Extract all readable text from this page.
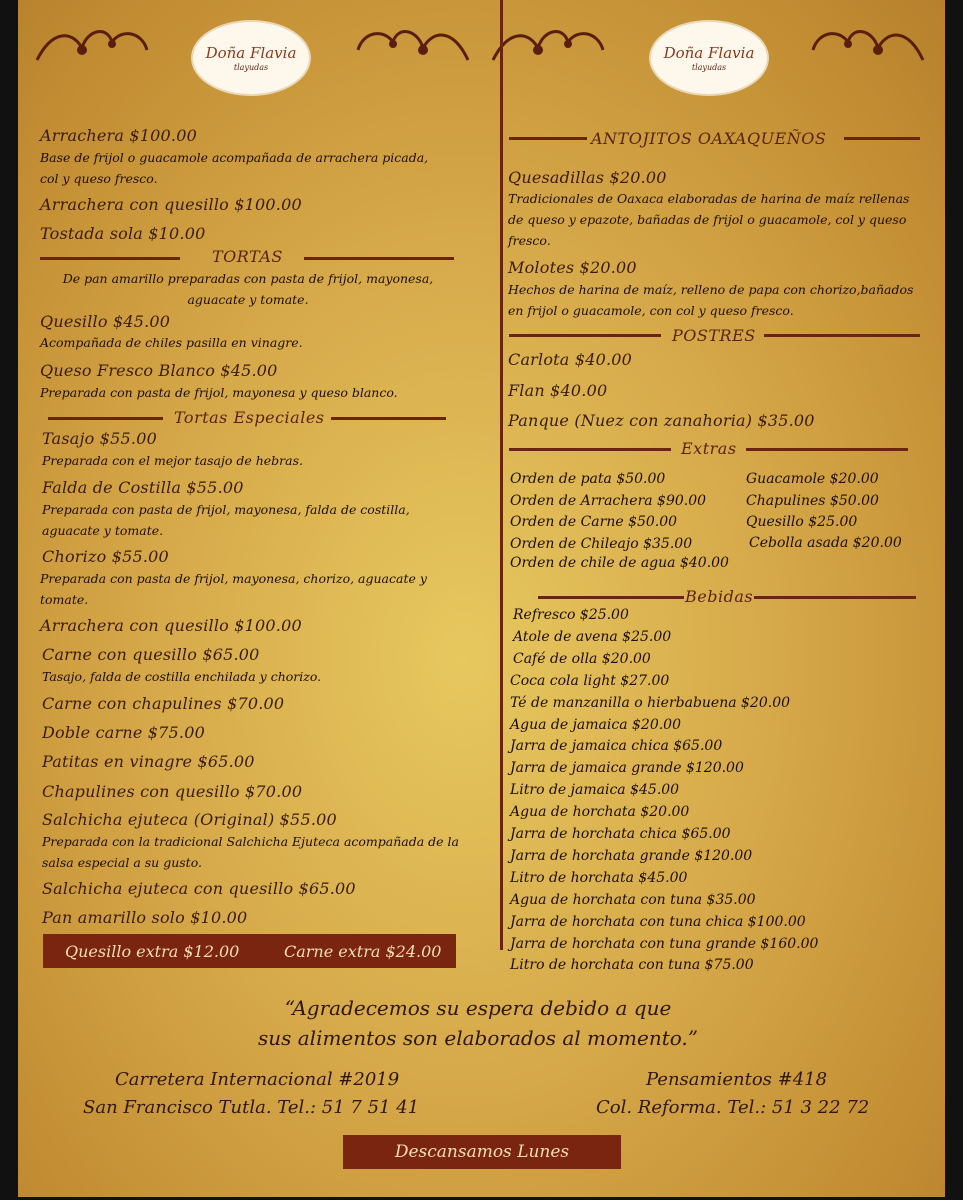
Doña Flavia
tlayudas
Doña Flavia
tlayudas
Arrachera $100.00
Base de frijol o guacamole acompañada de arrachera picada, col y queso fresco.
Arrachera con quesillo $100.00
Tostada sola $10.00
TORTAS
De pan amarillo preparadas con pasta de frijol, mayonesa, aguacate y tomate.
Quesillo $45.00
Acompañada de chiles pasilla en vinagre.
Queso Fresco Blanco $45.00
Preparada con pasta de frijol, mayonesa y queso blanco.
Tortas Especiales
Tasajo $55.00
Preparada con el mejor tasajo de hebras.
Falda de Costilla $55.00
Preparada con pasta de frijol, mayonesa, falda de costilla, aguacate y tomate.
Chorizo $55.00
Preparada con pasta de frijol, mayonesa, chorizo, aguacate y tomate.
Arrachera con quesillo $100.00
Carne con quesillo $65.00
Tasajo, falda de costilla enchilada y chorizo.
Carne con chapulines $70.00
Doble carne $75.00
Patitas en vinagre $65.00
Chapulines con quesillo $70.00
Salchicha ejuteca (Original) $55.00
Preparada con la tradicional Salchicha Ejuteca acompañada de la salsa especial a su gusto.
Salchicha ejuteca con quesillo $65.00
Pan amarillo solo $10.00
Quesillo extra $12.00	Carne extra $24.00
ANTOJITOS OAXAQUEÑOS
Quesadillas $20.00
Tradicionales de Oaxaca elaboradas de harina de maíz rellenas de queso y epazote, bañadas de frijol o guacamole, col y queso fresco.
Molotes $20.00
Hechos de harina de maíz, relleno de papa con chorizo,bañados en frijol o guacamole, con col y queso fresco.
POSTRES
Carlota $40.00
Flan $40.00
Panque (Nuez con zanahoria) $35.00
Extras
Orden de pata $50.00
Orden de Arrachera $90.00
Orden de Carne $50.00
Orden de Chileajo $35.00
Orden de chile de agua $40.00
Guacamole $20.00
Chapulines $50.00
Quesillo $25.00
Cebolla asada $20.00
Bebidas
Refresco $25.00
Atole de avena $25.00
Café de olla $20.00
Coca cola light $27.00
Té de manzanilla o hierbabuena $20.00
Agua de jamaica $20.00
Jarra de jamaica chica $65.00
Jarra de jamaica grande $120.00
Litro de jamaica $45.00
Agua de horchata $20.00
Jarra de horchata chica $65.00
Jarra de horchata grande $120.00
Litro de horchata $45.00
Agua de horchata con tuna $35.00
Jarra de horchata con tuna chica $100.00
Jarra de horchata con tuna grande $160.00
Litro de horchata con tuna $75.00
“Agradecemos su espera debido a que
sus alimentos son elaborados al momento.”
Carretera Internacional #2019
San Francisco Tutla. Tel.: 51 7 51 41
Pensamientos #418
Col. Reforma. Tel.: 51 3 22 72
Descansamos Lunes
